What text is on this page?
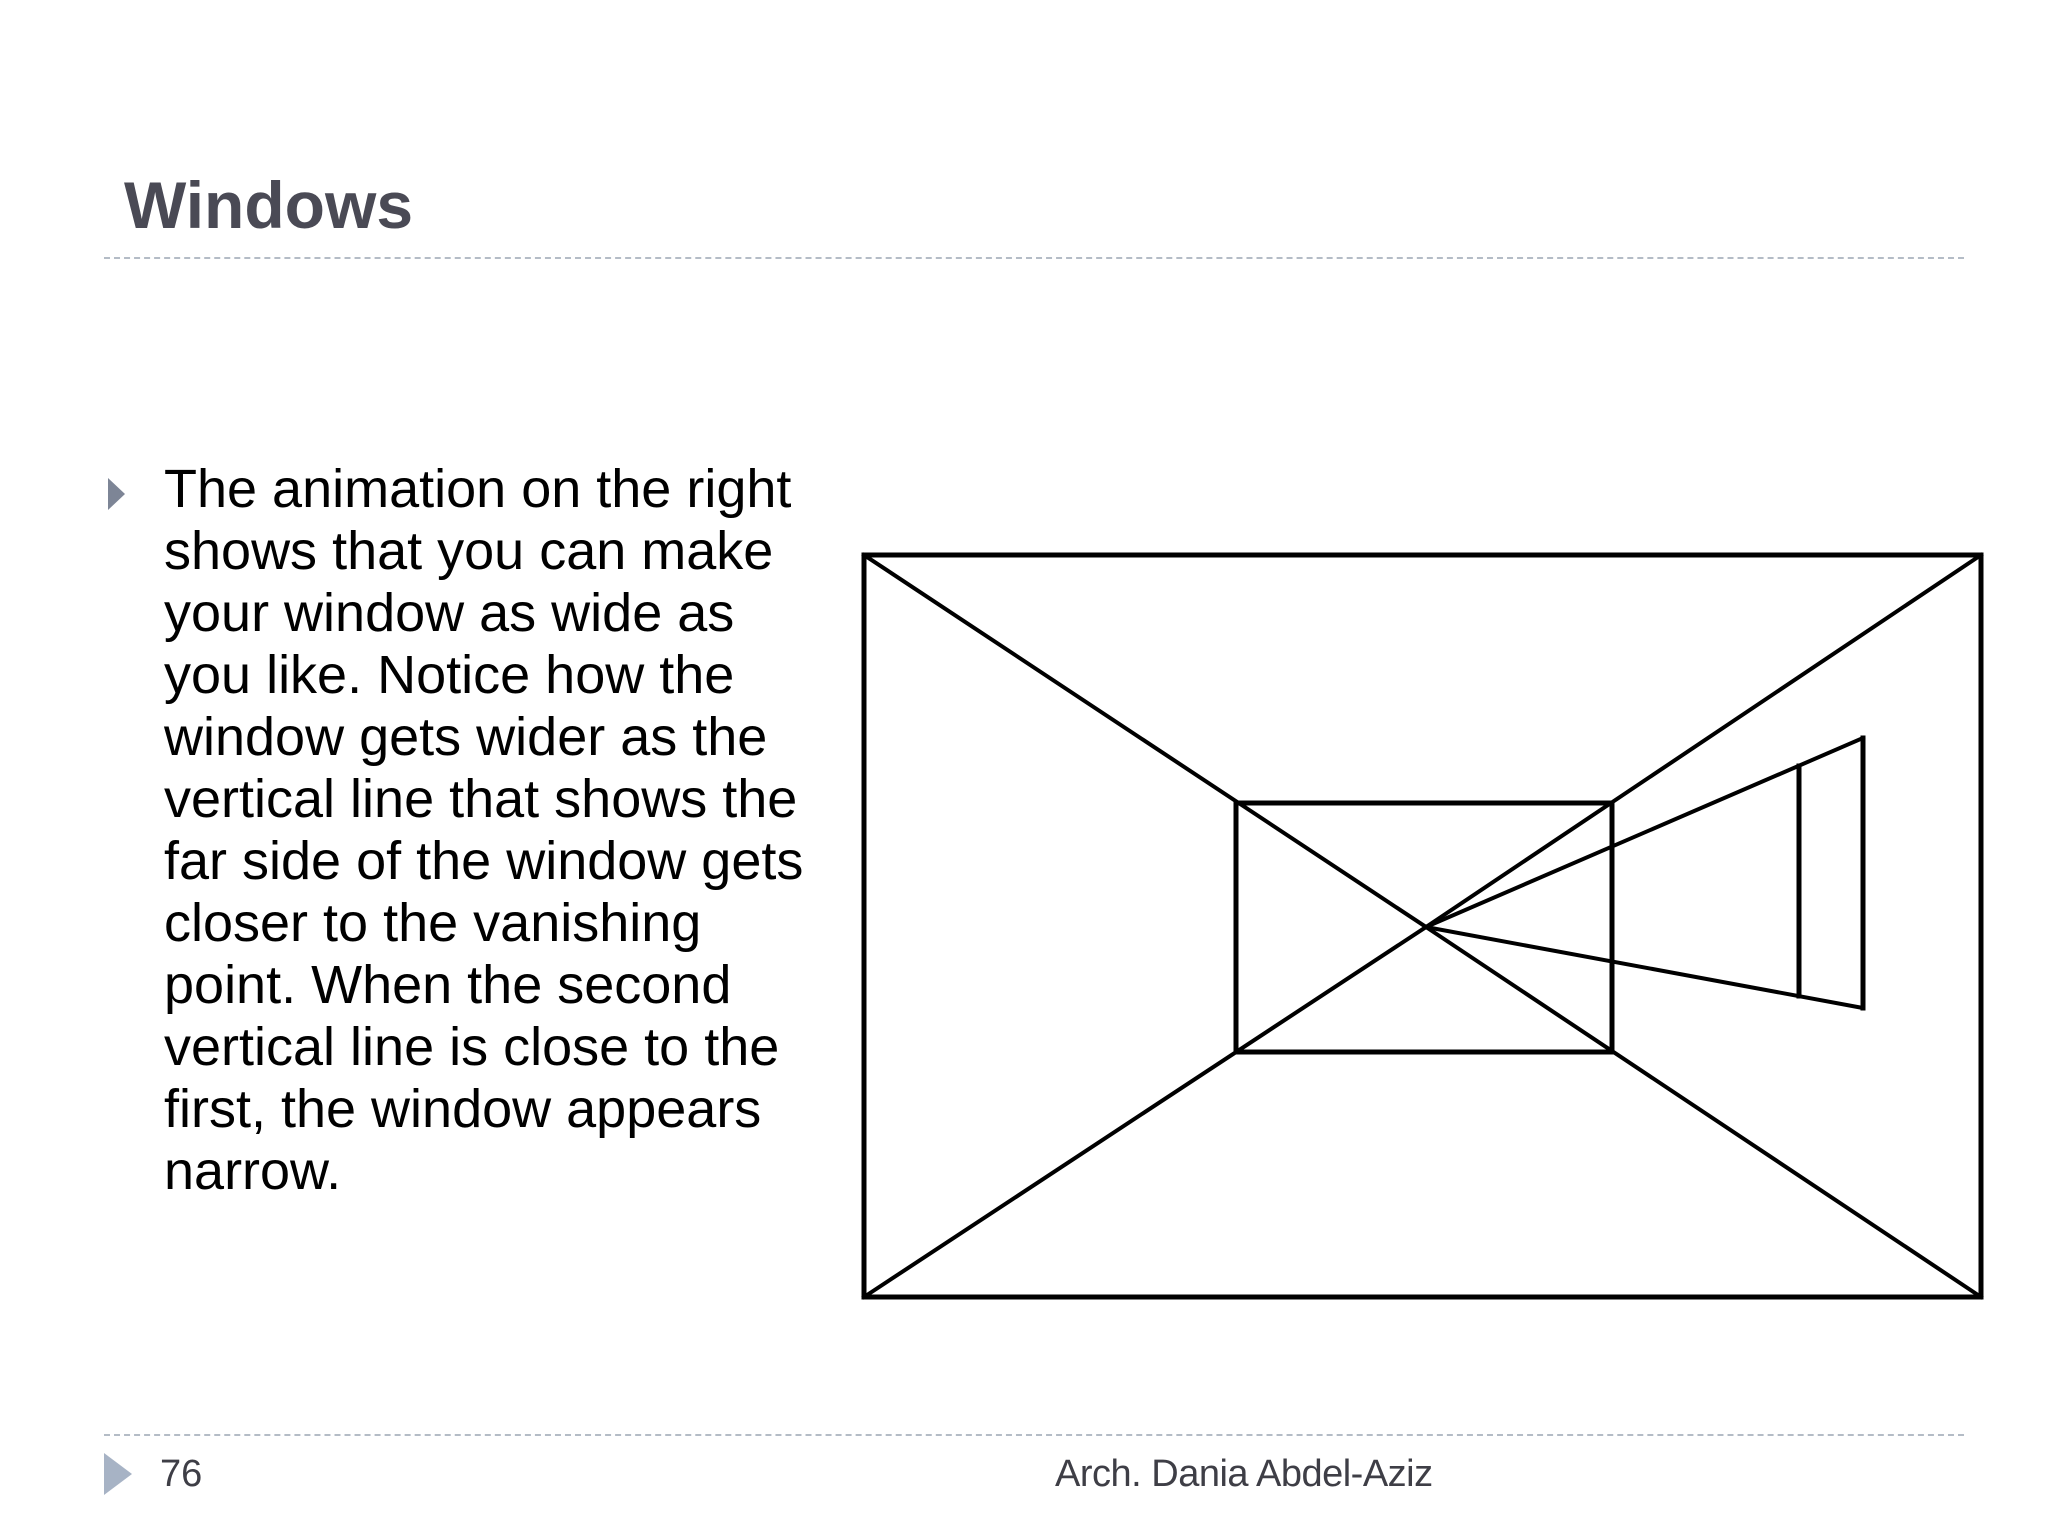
Windows

The animation on the right shows that you can make your window as wide as you like. Notice how the window gets wider as the vertical line that shows the far side of the window gets closer to the vanishing point. When the second vertical line is close to the first, the window appears narrow.

76	Arch. Dania Abdel-Aziz
